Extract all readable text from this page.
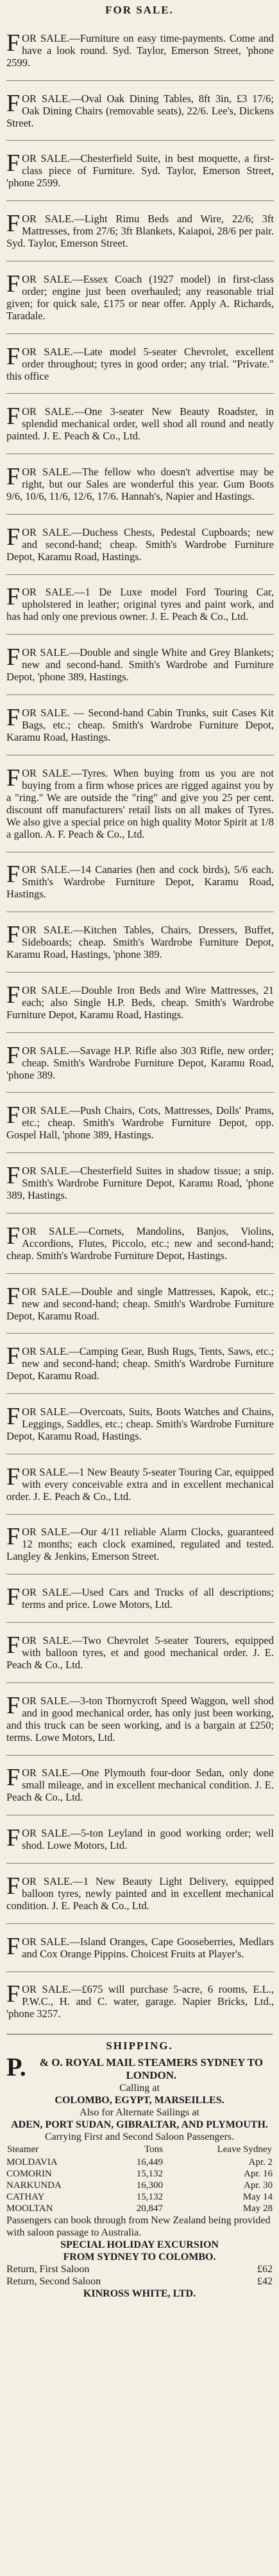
FOR SALE.

FOR SALE.—Furniture on easy time-payments. Come and have a look round. Syd. Taylor, Emerson Street, 'phone 2599.

FOR SALE.—Oval Oak Dining Tables, 8ft 3in, £3 17/6; Oak Dining Chairs (removable seats), 22/6. Lee's, Dickens Street.

FOR SALE.—Chesterfield Suite, in best moquette, a first-class piece of Furniture. Syd. Taylor, Emerson Street, 'phone 2599.

FOR SALE.—Light Rimu Beds and Wire, 22/6; 3ft Mattresses, from 27/6; 3ft Blankets, Kaiapoi, 28/6 per pair. Syd. Taylor, Emerson Street.

FOR SALE.—Essex Coach (1927 model) in first-class order; engine just been overhauled; any reasonable trial given; for quick sale, £175 or near offer. Apply A. Richards, Taradale.

FOR SALE.—Late model 5-seater Chevrolet, excellent order throughout; tyres in good order; any trial. "Private." this office

FOR SALE.—One 3-seater New Beauty Roadster, in splendid mechanical order, well shod all round and neatly painted. J. E. Peach & Co., Ltd.

FOR SALE.—The fellow who doesn't advertise may be right, but our Sales are wonderful this year. Gum Boots 9/6, 10/6, 11/6, 12/6, 17/6. Hannah's, Napier and Hastings.

FOR SALE.—Duchess Chests, Pedestal Cupboards; new and second-hand; cheap. Smith's Wardrobe Furniture Depot, Karamu Road, Hastings.

FOR SALE.—1 De Luxe model Ford Touring Car, upholstered in leather; original tyres and paint work, and has had only one previous owner. J. E. Peach & Co., Ltd.

FOR SALE.—Double and single White and Grey Blankets; new and second-hand. Smith's Wardrobe and Furniture Depot, 'phone 389, Hastings.

FOR SALE. — Second-hand Cabin Trunks, suit Cases Kit Bags, etc.; cheap. Smith's Wardrobe Furniture Depot, Karamu Road, Hastings.

FOR SALE.—Tyres. When buying from us you are not buying from a firm whose prices are rigged against you by a "ring." We are outside the "ring" and give you 25 per cent. discount off manufacturers' retail lists on all makes of Tyres. We also give a special price on high quality Motor Spirit at 1/8 a gallon. A. F. Peach & Co., Ltd.

FOR SALE.—14 Canaries (hen and cock birds), 5/6 each. Smith's Wardrobe Furniture Depot, Karamu Road, Hastings.

FOR SALE.—Kitchen Tables, Chairs, Dressers, Buffet, Sideboards; cheap. Smith's Wardrobe Furniture Depot, Karamu Road, Hastings, 'phone 389.

FOR SALE.—Double Iron Beds and Wire Mattresses, 21 each; also Single H.P. Beds, cheap. Smith's Wardrobe Furniture Depot, Karamu Road, Hastings.

FOR SALE.—Savage H.P. Rifle also 303 Rifle, new order; cheap. Smith's Wardrobe Furniture Depot, Karamu Road, 'phone 389.

FOR SALE.—Push Chairs, Cots, Mattresses, Dolls' Prams, etc.; cheap. Smith's Wardrobe Furniture Depot, opp. Gospel Hall, 'phone 389, Hastings.

FOR SALE.—Chesterfield Suites in shadow tissue; a snip. Smith's Wardrobe Furniture Depot, Karamu Road, 'phone 389, Hastings.

FOR SALE.—Cornets, Mandolins, Banjos, Violins, Accordions, Flutes, Piccolo, etc.; new and second-hand; cheap. Smith's Wardrobe Furniture Depot, Hastings.

FOR SALE.—Double and single Mattresses, Kapok, etc.; new and second-hand; cheap. Smith's Wardrobe Furniture Depot, Karamu Road.

FOR SALE.—Camping Gear, Bush Rugs, Tents, Saws, etc.; new and second-hand; cheap. Smith's Wardrobe Furniture Depot, Karamu Road.

FOR SALE.—Overcoats, Suits, Boots Watches and Chains, Leggings, Saddles, etc.; cheap. Smith's Wardrobe Furniture Depot, Karamu Road, Hastings.

FOR SALE.—1 New Beauty 5-seater Touring Car, equipped with every conceivable extra and in excellent mechanical order. J. E. Peach & Co., Ltd.

FOR SALE.—Our 4/11 reliable Alarm Clocks, guaranteed 12 months; each clock examined, regulated and tested. Langley & Jenkins, Emerson Street.

FOR SALE.—Used Cars and Trucks of all descriptions; terms and price. Lowe Motors, Ltd.

FOR SALE.—Two Chevrolet 5-seater Tourers, equipped with balloon tyres, et and good mechanical order. J. E. Peach & Co., Ltd.

FOR SALE.—3-ton Thornycroft Speed Waggon, well shod and in good mechanical order, has only just been working, and this truck can be seen working, and is a bargain at £250; terms. Lowe Motors, Ltd.

FOR SALE.—One Plymouth four-door Sedan, only done small mileage, and in excellent mechanical condition. J. E. Peach & Co., Ltd.

FOR SALE.—5-ton Leyland in good working order; well shod. Lowe Motors, Ltd.

FOR SALE.—1 New Beauty Light Delivery, equipped balloon tyres, newly painted and in excellent mechanical condition. J. E. Peach & Co., Ltd.

FOR SALE.—Island Oranges, Cape Gooseberries, Medlars and Cox Orange Pippins. Choicest Fruits at Player's.

FOR SALE.—£675 will purchase 5-acre, 6 rooms, E.L., P.W.C., H. and C. water, garage. Napier Bricks, Ltd., 'phone 3257.

SHIPPING.
P.& O. ROYAL MAIL STEAMERS SYDNEY TO LONDON.
Calling at
COLOMBO, EGYPT, MARSEILLES.
Also for Alternate Sailings at
ADEN, PORT SUDAN, GIBRALTAR, AND PLYMOUTH.
Carrying First and Second Saloon Passengers.
Steamer	Tons	Leave Sydney
MOLDAVIA	16,449	Apr. 2
COMORIN	15,132	Apr. 16
NARKUNDA	16,300	Apr. 30
CATHAY	15,132	May 14
MOOLTAN	20,847	May 28
Passengers can book through from New Zealand being provided with saloon passage to Australia.
SPECIAL HOLIDAY EXCURSION
FROM SYDNEY TO COLOMBO.
Return, First Saloon	£62
Return, Second Saloon	£42
KINROSS WHITE, LTD.
